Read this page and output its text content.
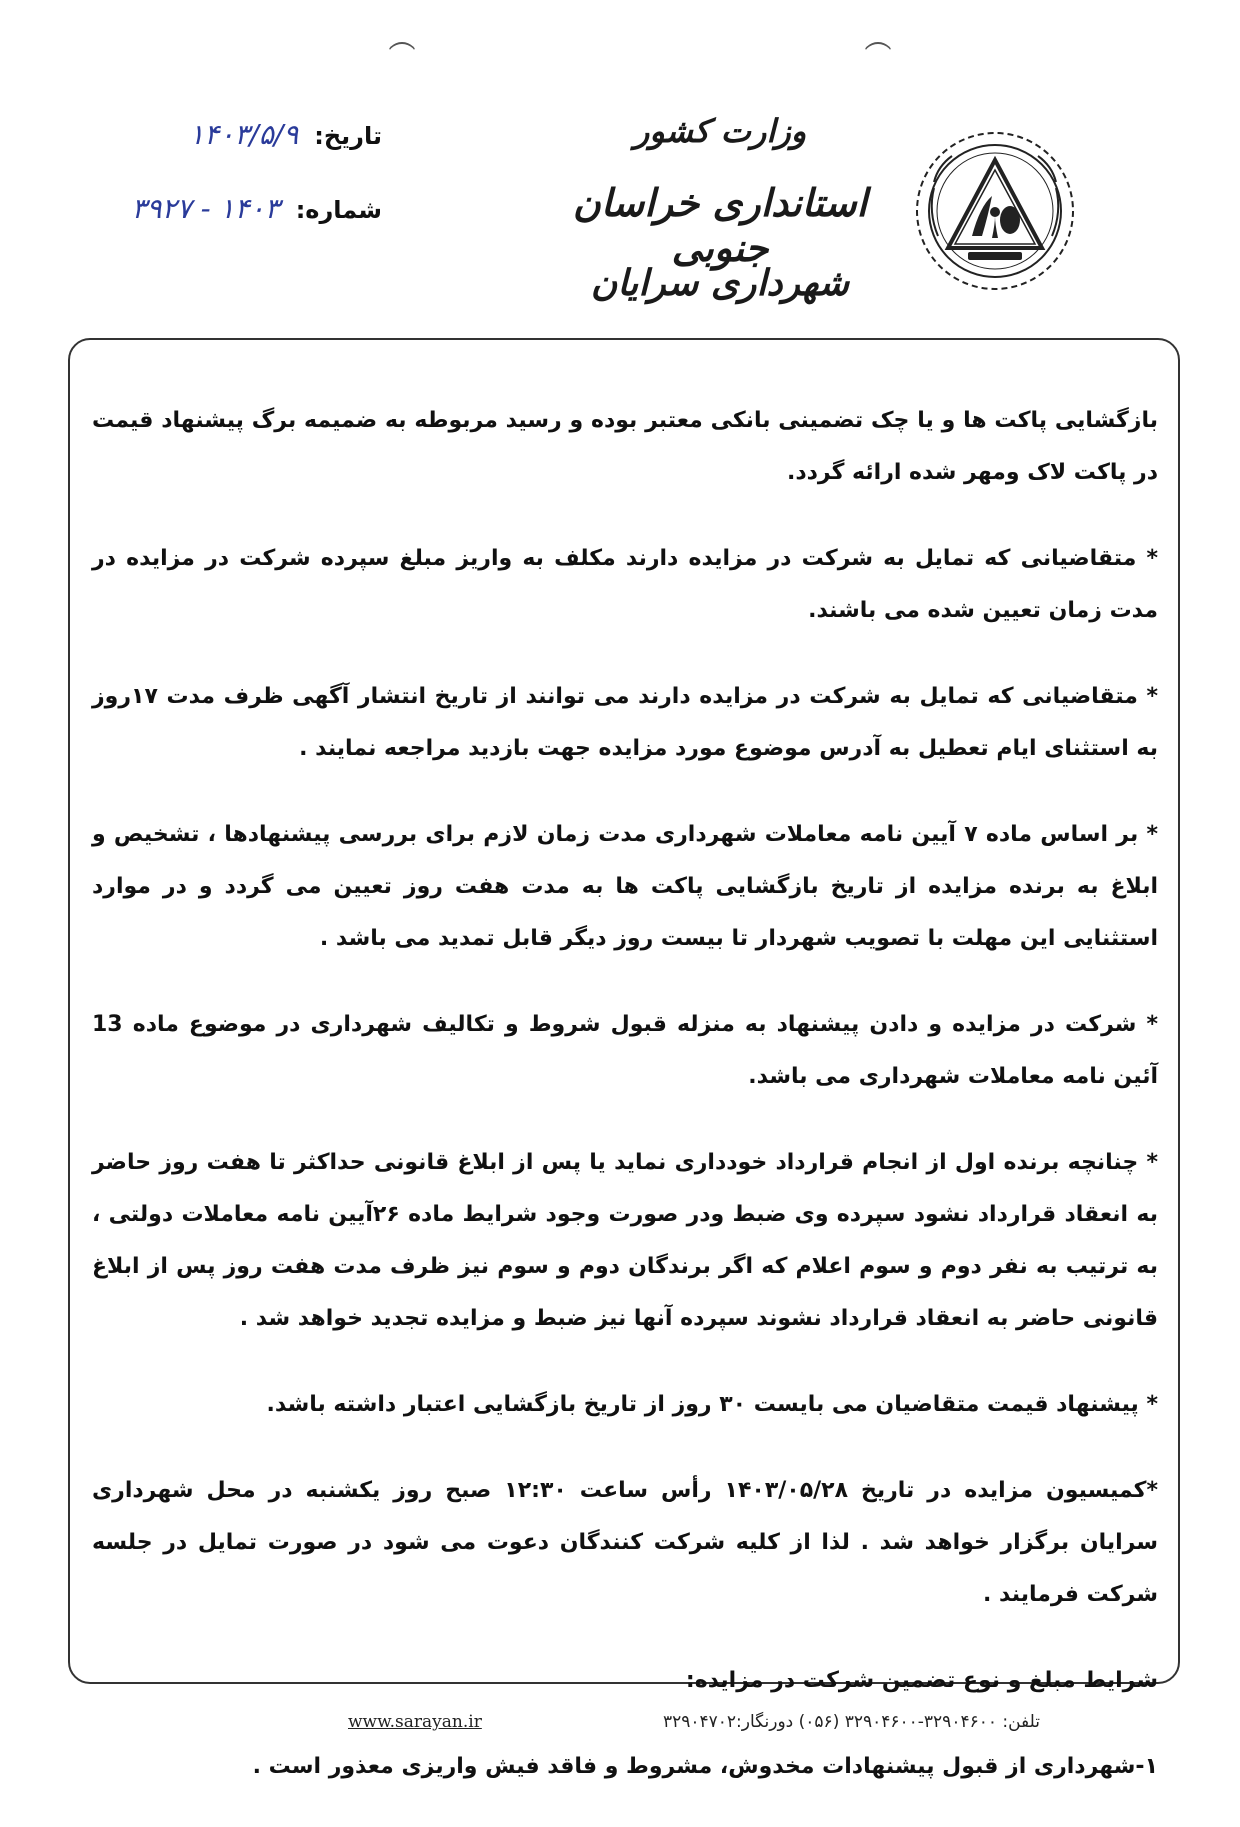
وزارت کشور
استانداری خراسان جنوبی
شهرداری سرایان
تاریخ:
۱۴۰۳/۵/۹
شماره:
۱۴۰۳ - ۳۹۲۷

بازگشایی پاکت ها و یا چک تضمینی بانکی معتبر بوده و رسید مربوطه به ضمیمه برگ پیشنهاد قیمت در پاکت لاک ومهر شده ارائه گردد.

* متقاضیانی که تمایل به شرکت در مزایده دارند مکلف به واریز مبلغ سپرده شرکت در مزایده در مدت زمان تعیین شده می باشند.

* متقاضیانی که تمایل به شرکت در مزایده دارند می توانند از تاریخ انتشار آگهی ظرف مدت ۱۷روز به استثنای ایام تعطیل به آدرس موضوع مورد مزایده جهت بازدید مراجعه نمایند .

* بر اساس ماده ۷ آیین نامه معاملات شهرداری مدت زمان لازم برای بررسی پیشنهادها ، تشخیص و ابلاغ به برنده مزایده از تاریخ بازگشایی پاکت ها به مدت هفت روز تعیین می گردد و در موارد استثنایی این مهلت با تصویب شهردار تا بیست روز دیگر قابل تمدید می باشد .

* شرکت در مزایده و دادن پیشنهاد به منزله قبول شروط و تکالیف شهرداری در موضوع ماده 13 آئین نامه معاملات شهرداری می باشد.

* چنانچه برنده اول از انجام قرارداد خودداری نماید یا پس از ابلاغ قانونی حداکثر تا هفت روز حاضر به انعقاد قرارداد نشود سپرده وی ضبط ودر صورت وجود شرایط ماده ۲۶آیین نامه معاملات دولتی ، به ترتیب به نفر دوم و سوم اعلام که اگر برندگان دوم و سوم نیز ظرف مدت هفت روز پس از ابلاغ قانونی حاضر به انعقاد قرارداد نشوند سپرده آنها نیز ضبط و مزایده تجدید خواهد شد .

* پیشنهاد قیمت متقاضیان می بایست ۳۰ روز از تاریخ بازگشایی اعتبار داشته باشد.

*کمیسیون مزایده در تاریخ ۱۴۰۳/۰۵/۲۸ رأس ساعت ۱۲:۳۰ صبح روز یکشنبه در محل شهرداری سرایان برگزار خواهد شد . لذا از کلیه شرکت کنندگان دعوت می شود در صورت تمایل در جلسه شرکت فرمایند .

شرایط مبلغ و نوع تضمین شرکت در مزایده:

۱-شهرداری از قبول پیشنهادات مخدوش، مشروط و فاقد فیش واریزی معذور است .

تلفن: ۳۲۹۰۴۶۰۰-۳۲۹۰۴۶۰۰ (۰۵۶) دورنگار:۳۲۹۰۴۷۰۲
www.sarayan.ir
